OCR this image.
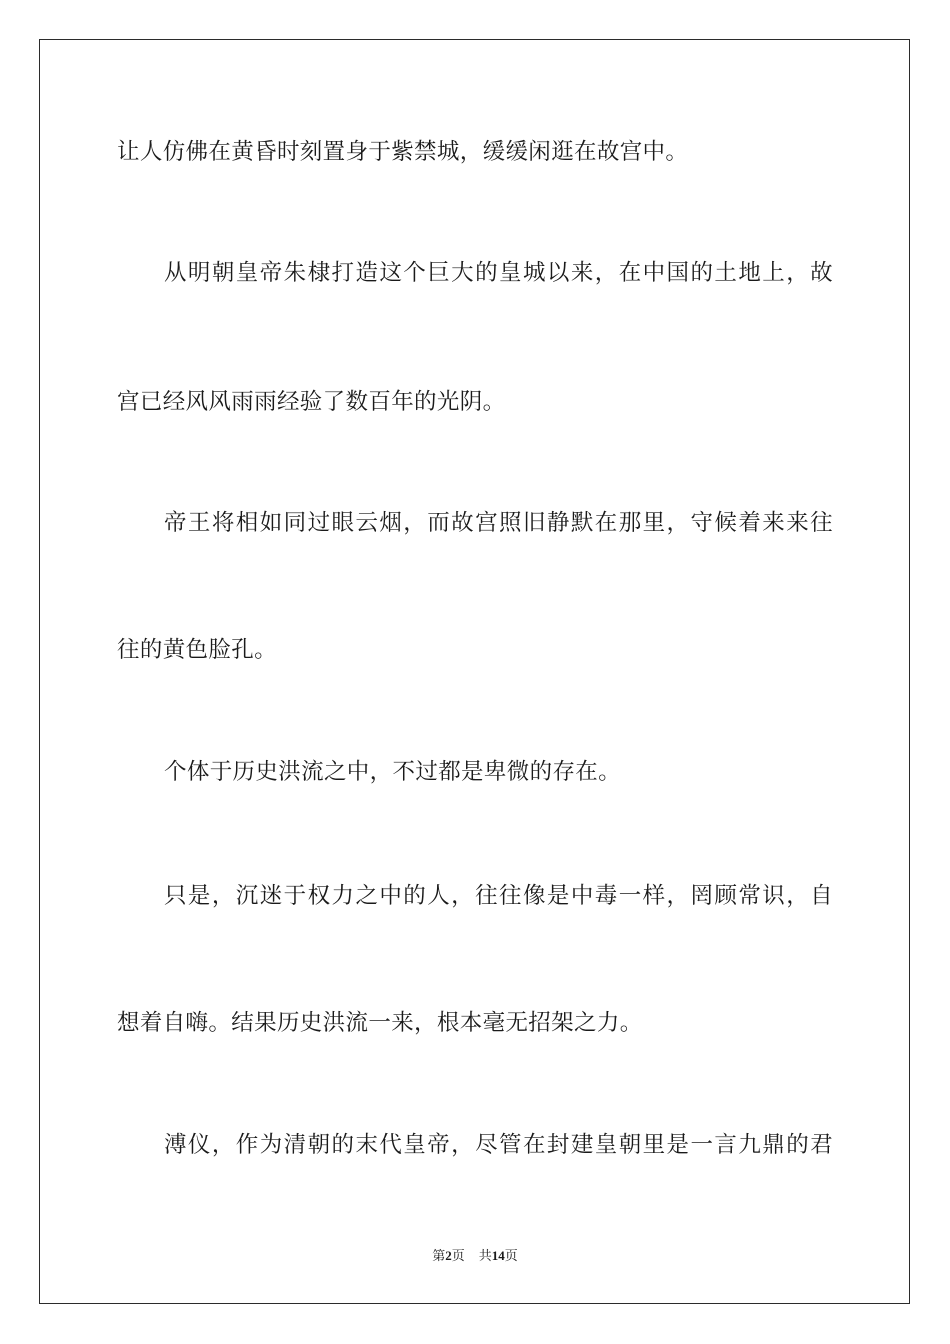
让人仿佛在黄昏时刻置身于紫禁城，缓缓闲逛在故宫中。
从明朝皇帝朱棣打造这个巨大的皇城以来，在中国的土地上，故
宫已经风风雨雨经验了数百年的光阴。
帝王将相如同过眼云烟，而故宫照旧静默在那里，守候着来来往
往的黄色脸孔。
个体于历史洪流之中，不过都是卑微的存在。
只是，沉迷于权力之中的人，往往像是中毒一样，罔顾常识，自
想着自嗨。结果历史洪流一来，根本毫无招架之力。
溥仪，作为清朝的末代皇帝，尽管在封建皇朝里是一言九鼎的君
第2页 共14页
